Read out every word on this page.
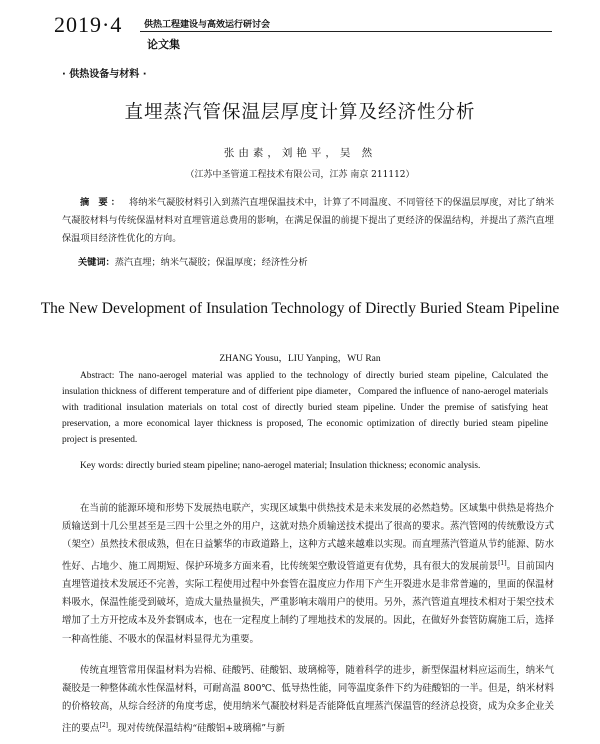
2019·4 供热工程建设与高效运行研讨会
论文集
· 供热设备与材料 ·
直埋蒸汽管保温层厚度计算及经济性分析
张由素，刘艳平，吴 然
（江苏中圣管道工程技术有限公司，江苏 南京 211112）

摘 要： 将纳米气凝胶材料引入到蒸汽直埋保温技术中，计算了不同温度、不同管径下的保温层厚度，对比了纳米气凝胶材料与传统保温材料对直埋管道总费用的影响，在满足保温的前提下提出了更经济的保温结构，并提出了蒸汽直埋保温项目经济性优化的方向。

关键词：蒸汽直埋；纳米气凝胶；保温厚度；经济性分析
The New Development of Insulation Technology of Directly Buried Steam Pipeline
ZHANG Yousu，LIU Yanping，WU Ran

Abstract: The nano-aerogel material was applied to the technology of directly buried steam pipeline, Calculated the insulation thickness of different temperature and of differient pipe diameter，Compared the influence of nano-aerogel materials with traditional insulation materials on total cost of directly buried steam pipeline. Under the premise of satisfying heat preservation, a more economical layer thickness is proposed, The economic optimization of directly buried steam pipeline project is presented.

Key words: directly buried steam pipeline; nano-aerogel material; Insulation thickness; economic analysis.

在当前的能源环境和形势下发展热电联产，实现区域集中供热技术是未来发展的必然趋势。区域集中供热是将热介质输送到十几公里甚至是三四十公里之外的用户，这就对热介质输送技术提出了很高的要求。蒸汽管网的传统敷设方式（架空）虽然技术很成熟，但在日益繁华的市政道路上，这种方式越来越难以实现。而直埋蒸汽管道从节约能源、防水性好、占地少、施工周期短、保护环境多方面来看，比传统架空敷设管道更有优势，具有很大的发展前景[1]。目前国内直埋管道技术发展还不完善，实际工程使用过程中外套管在温度应力作用下产生开裂进水是非常普遍的，里面的保温材料吸水，保温性能受到破坏，造成大量热量损失，严重影响末端用户的使用。另外，蒸汽管道直埋技术相对于架空技术增加了土方开挖成本及外套钢成本，也在一定程度上制约了埋地技术的发展的。因此，在做好外套管防腐施工后，选择一种高性能、不吸水的保温材料显得尤为重要。

传统直埋管常用保温材料为岩棉、硅酸钙、硅酸铝、玻璃棉等，随着科学的进步，新型保温材料应运而生，纳米气凝胶是一种整体疏水性保温材料，可耐高温 800℃、低导热性能，同等温度条件下约为硅酸铝的一半。但是，纳米材料的价格较高，从综合经济的角度考虑，使用纳米气凝胶材料是否能降低直埋蒸汽保温管的经济总投资，成为众多企业关注的要点[2]。现对传统保温结构“硅酸铝+玻璃棉”与新
